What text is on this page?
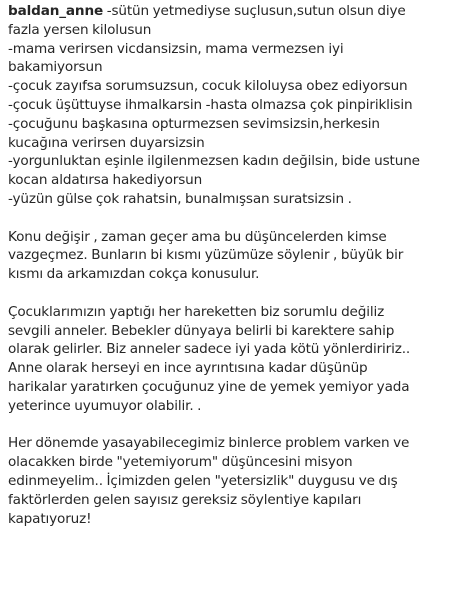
baldan_anne -sütün yetmediyse suçlusun,sutun olsun diye
fazla yersen kilolusun
-mama verirsen vicdansizsin, mama vermezsen iyi
bakamiyorsun
-çocuk zayıfsa sorumsuzsun, cocuk kiloluysa obez ediyorsun
-çocuk üşüttuyse ihmalkarsin -hasta olmazsa çok pinpiriklisin
-çocuğunu başkasına opturmezsen sevimsizsin,herkesin
kucağına verirsen duyarsizsin
-yorgunluktan eşinle ilgilenmezsen kadın değilsin, bide ustune
kocan aldatırsa hakediyorsun
-yüzün gülse çok rahatsin, bunalmışsan suratsizsin .
Konu değişir , zaman geçer ama bu düşüncelerden kimse
vazgeçmez. Bunların bi kısmı yüzümüze söylenir , büyük bir
kısmı da arkamızdan cokça konusulur.
Çocuklarımızın yaptığı her hareketten biz sorumlu değiliz
sevgili anneler. Bebekler dünyaya belirli bi karektere sahip
olarak gelirler. Biz anneler sadece iyi yada kötü yönlerdiririz..
Anne olarak herseyi en ince ayrıntısına kadar düşünüp
harikalar yaratırken çocuğunuz yine de yemek yemiyor yada
yeterince uyumuyor olabilir. .
Her dönemde yasayabilecegimiz binlerce problem varken ve
olacakken birde "yetemiyorum" düşüncesini misyon
edinmeyelim.. İçimizden gelen "yetersizlik" duygusu ve dış
faktörlerden gelen sayısız gereksiz söylentiye kapıları
kapatıyoruz!
